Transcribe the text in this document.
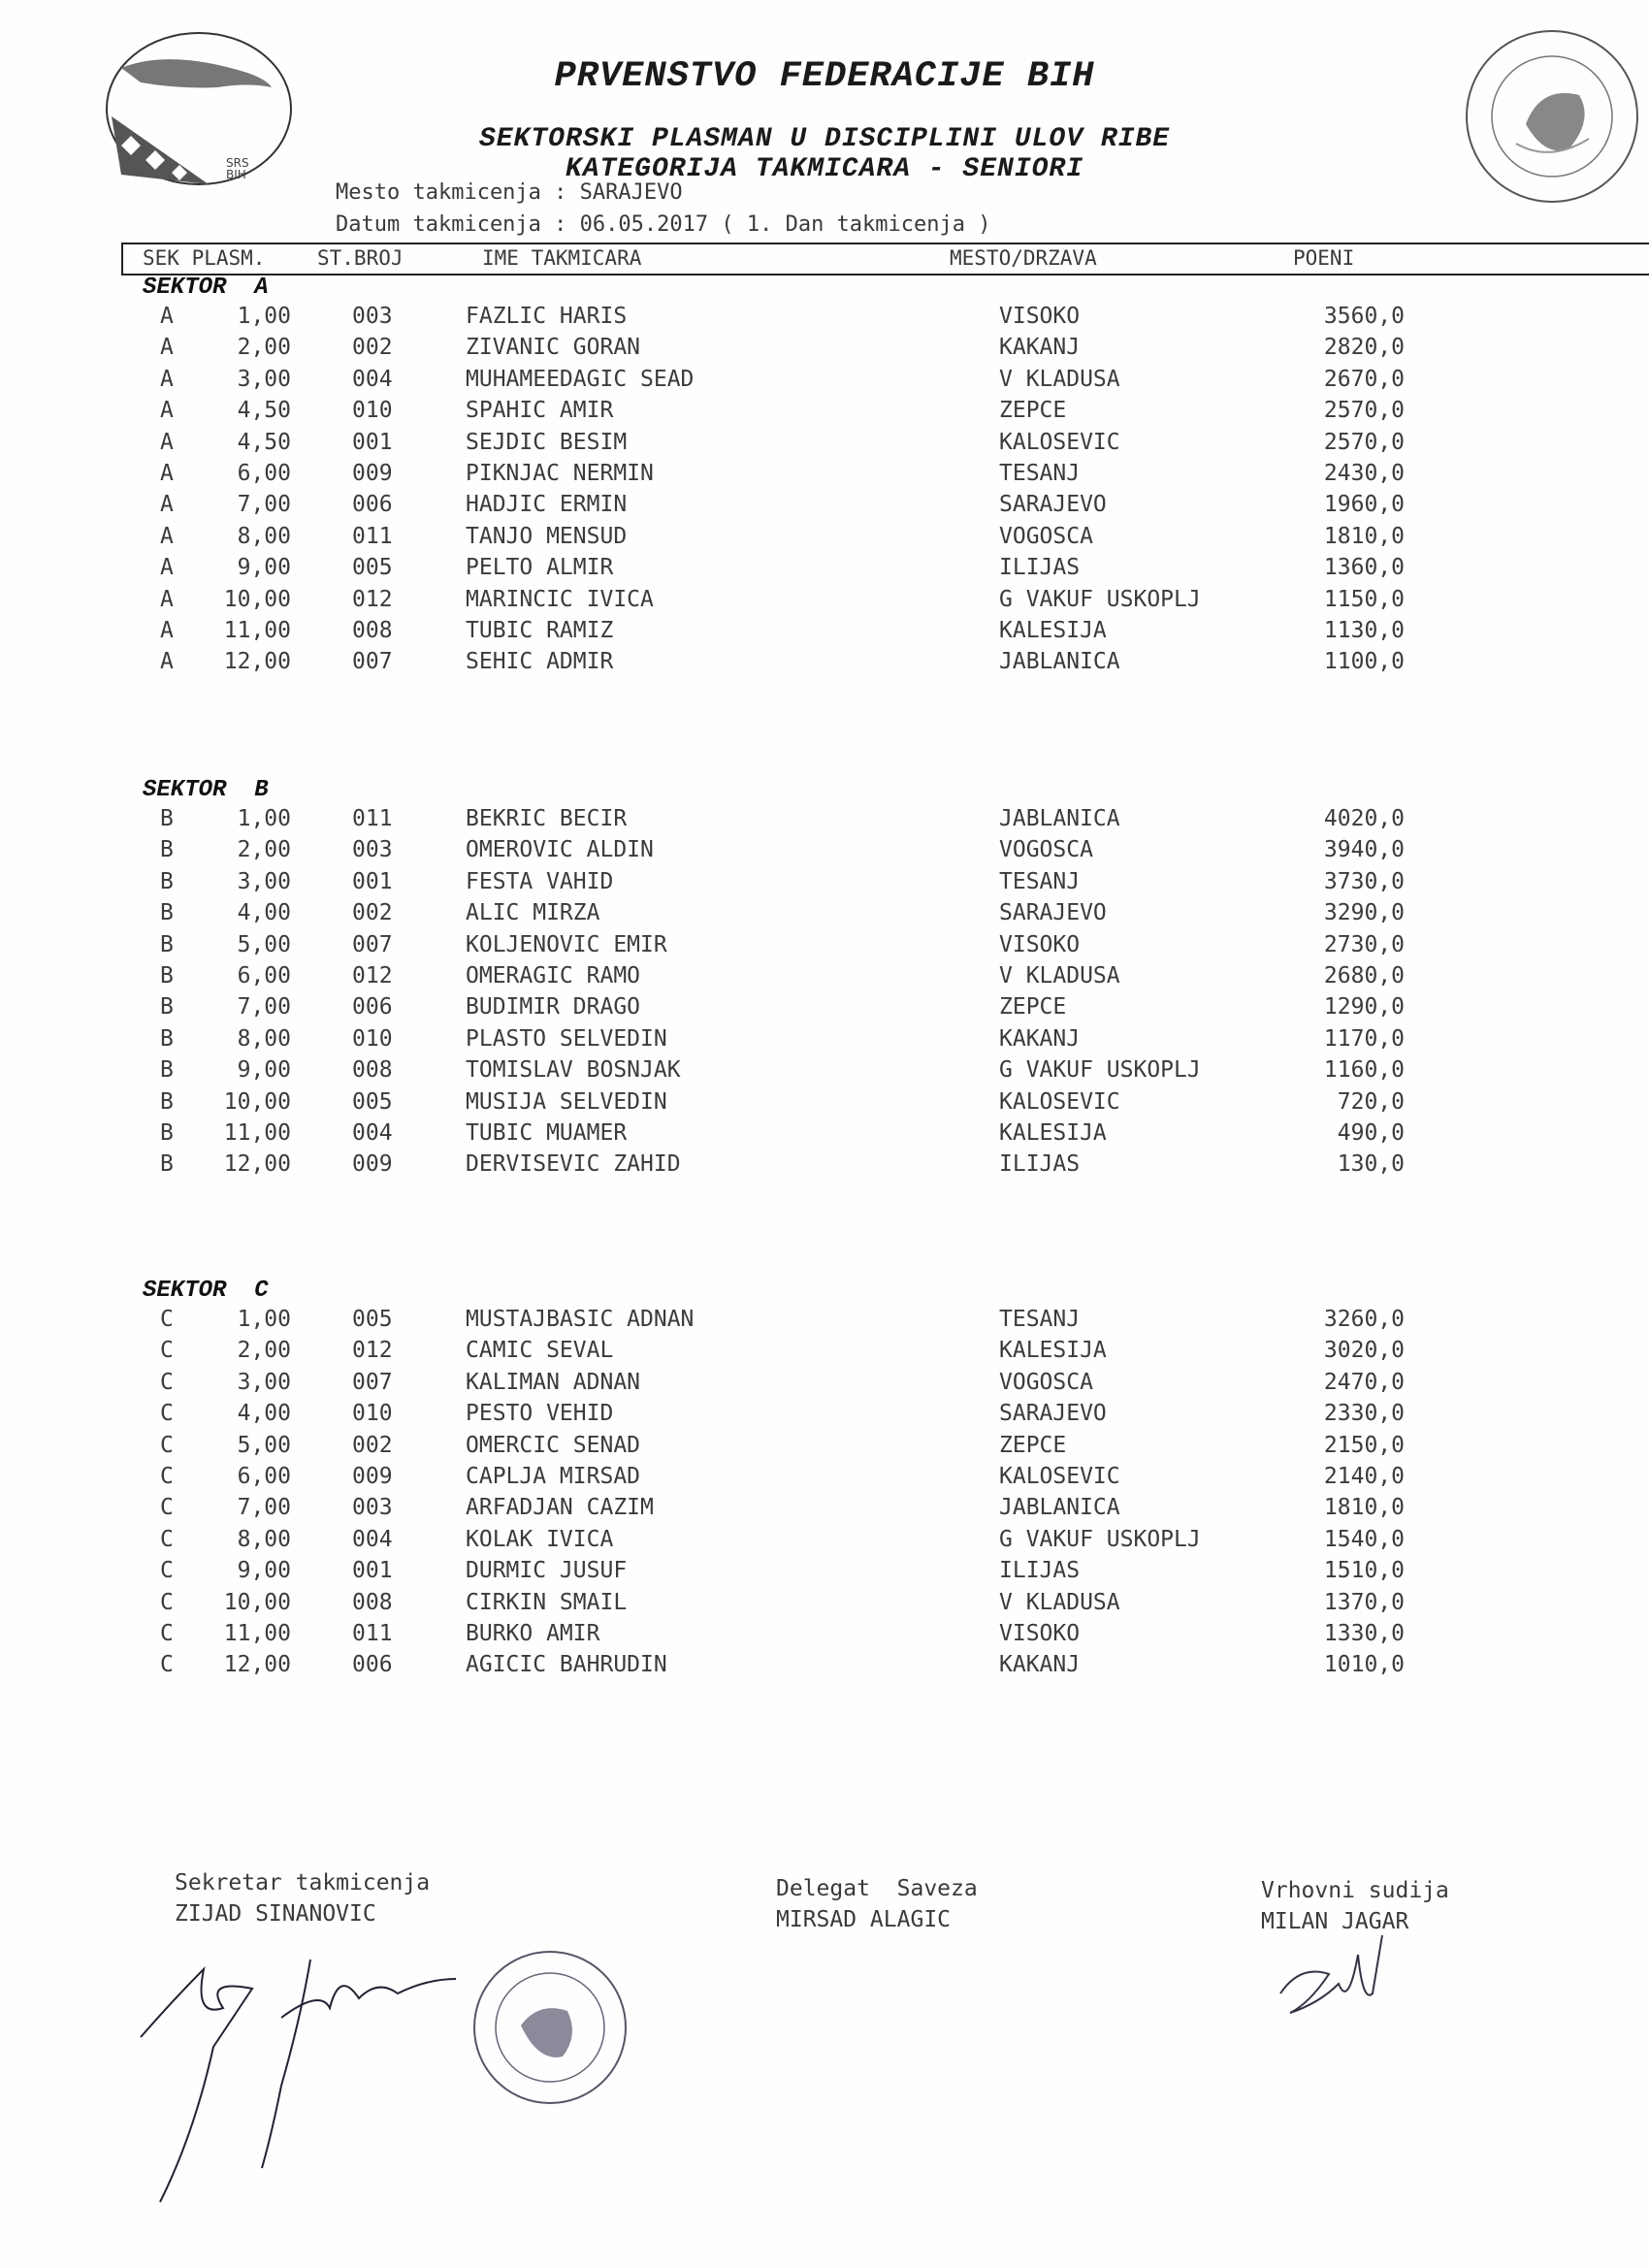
SRS
BIH
PRVENSTVO FEDERACIJE BIH
SEKTORSKI PLASMAN U DISCIPLINI ULOV RIBE
KATEGORIJA TAKMICARA - SENIORI
Mesto takmicenja : SARAJEVO
Datum takmicenja : 06.05.2017 ( 1. Dan takmicenja )
SEK PLASM.	ST.BROJ	IME TAKMICARA	MESTO/DRZAVA	POENI
SEKTOR  A
A	1,00	003	FAZLIC HARIS	VISOKO	3560,0
A	2,00	002	ZIVANIC GORAN	KAKANJ	2820,0
A	3,00	004	MUHAMEEDAGIC SEAD	V KLADUSA	2670,0
A	4,50	010	SPAHIC AMIR	ZEPCE	2570,0
A	4,50	001	SEJDIC BESIM	KALOSEVIC	2570,0
A	6,00	009	PIKNJAC NERMIN	TESANJ	2430,0
A	7,00	006	HADJIC ERMIN	SARAJEVO	1960,0
A	8,00	011	TANJO MENSUD	VOGOSCA	1810,0
A	9,00	005	PELTO ALMIR	ILIJAS	1360,0
A	10,00	012	MARINCIC IVICA	G VAKUF USKOPLJ	1150,0
A	11,00	008	TUBIC RAMIZ	KALESIJA	1130,0
A	12,00	007	SEHIC ADMIR	JABLANICA	1100,0
SEKTOR  B
B	1,00	011	BEKRIC BECIR	JABLANICA	4020,0
B	2,00	003	OMEROVIC ALDIN	VOGOSCA	3940,0
B	3,00	001	FESTA VAHID	TESANJ	3730,0
B	4,00	002	ALIC MIRZA	SARAJEVO	3290,0
B	5,00	007	KOLJENOVIC EMIR	VISOKO	2730,0
B	6,00	012	OMERAGIC RAMO	V KLADUSA	2680,0
B	7,00	006	BUDIMIR DRAGO	ZEPCE	1290,0
B	8,00	010	PLASTO SELVEDIN	KAKANJ	1170,0
B	9,00	008	TOMISLAV BOSNJAK	G VAKUF USKOPLJ	1160,0
B	10,00	005	MUSIJA SELVEDIN	KALOSEVIC	720,0
B	11,00	004	TUBIC MUAMER	KALESIJA	490,0
B	12,00	009	DERVISEVIC ZAHID	ILIJAS	130,0
SEKTOR  C
C	1,00	005	MUSTAJBASIC ADNAN	TESANJ	3260,0
C	2,00	012	CAMIC SEVAL	KALESIJA	3020,0
C	3,00	007	KALIMAN ADNAN	VOGOSCA	2470,0
C	4,00	010	PESTO VEHID	SARAJEVO	2330,0
C	5,00	002	OMERCIC SENAD	ZEPCE	2150,0
C	6,00	009	CAPLJA MIRSAD	KALOSEVIC	2140,0
C	7,00	003	ARFADJAN CAZIM	JABLANICA	1810,0
C	8,00	004	KOLAK IVICA	G VAKUF USKOPLJ	1540,0
C	9,00	001	DURMIC JUSUF	ILIJAS	1510,0
C	10,00	008	CIRKIN SMAIL	V KLADUSA	1370,0
C	11,00	011	BURKO AMIR	VISOKO	1330,0
C	12,00	006	AGICIC BAHRUDIN	KAKANJ	1010,0
Sekretar takmicenja
ZIJAD SINANOVIC
Delegat  Saveza
MIRSAD ALAGIC
Vrhovni sudija
MILAN JAGAR
